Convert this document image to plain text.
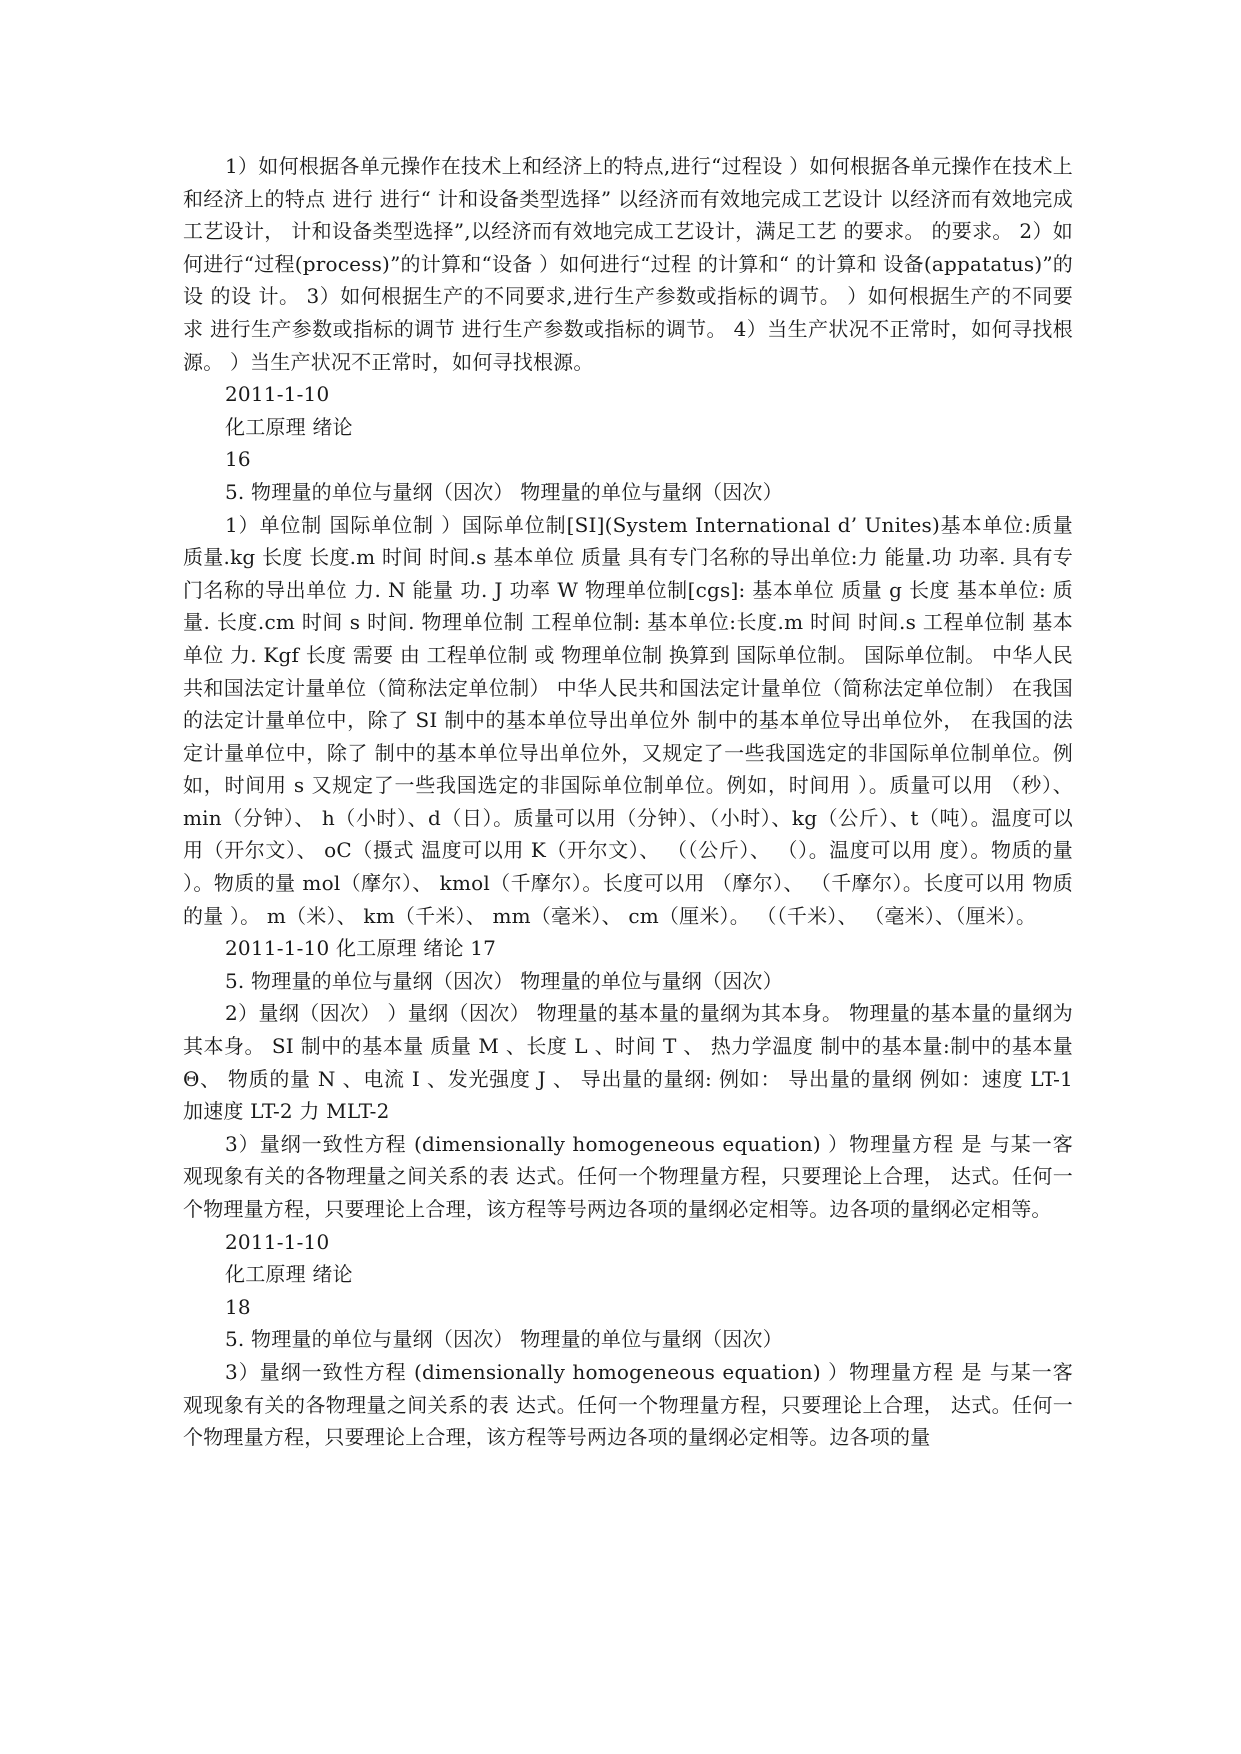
1）如何根据各单元操作在技术上和经济上的特点,进行“过程设 ）如何根据各单元操作在技术上和经济上的特点 进行 进行“ 计和设备类型选择” 以经济而有效地完成工艺设计 以经济而有效地完成工艺设计， 计和设备类型选择”,以经济而有效地完成工艺设计，满足工艺 的要求。 的要求。 2）如何进行“过程(process)”的计算和“设备 ）如何进行“过程 的计算和“ 的计算和 设备(appatatus)”的设 的设 计。 3）如何根据生产的不同要求,进行生产参数或指标的调节。 ）如何根据生产的不同要求 进行生产参数或指标的调节 进行生产参数或指标的调节。 4）当生产状况不正常时，如何寻找根源。 ）当生产状况不正常时，如何寻找根源。

2011-1-10

化工原理 绪论

16

5. 物理量的单位与量纲（因次） 物理量的单位与量纲（因次）

1）单位制 国际单位制 ）国际单位制[SI](System International d’ Unites)基本单位:质量 质量.kg 长度 长度.m 时间 时间.s 基本单位 质量 具有专门名称的导出单位:力 能量.功 功率. 具有专门名称的导出单位 力. N 能量 功. J 功率 W 物理单位制[cgs]: 基本单位 质量 g 长度 基本单位: 质量. 长度.cm 时间 s 时间. 物理单位制 工程单位制: 基本单位:长度.m 时间 时间.s 工程单位制 基本单位 力. Kgf 长度 需要 由 工程单位制 或 物理单位制 换算到 国际单位制。 国际单位制。 中华人民共和国法定计量单位（简称法定单位制） 中华人民共和国法定计量单位（简称法定单位制） 在我国的法定计量单位中，除了 SI 制中的基本单位导出单位外 制中的基本单位导出单位外， 在我国的法定计量单位中，除了 制中的基本单位导出单位外，又规定了一些我国选定的非国际单位制单位。例如，时间用 s 又规定了一些我国选定的非国际单位制单位。例如，时间用 ）。质量可以用 （秒）、 min（分钟）、 h（小时）、d（日）。质量可以用（分钟）、（小时）、kg（公斤）、t（吨）。温度可以用（开尔文）、 oC（摄式 温度可以用 K（开尔文）、 （（公斤）、 （）。温度可以用 度）。物质的量 ）。物质的量 mol（摩尔）、 kmol（千摩尔）。长度可以用 （摩尔）、 （千摩尔）。长度可以用 物质的量 ）。 m（米）、 km（千米）、 mm（毫米）、 cm（厘米）。 （（千米）、 （毫米）、（厘米）。

2011-1-10 化工原理 绪论 17

5. 物理量的单位与量纲（因次） 物理量的单位与量纲（因次）

2）量纲（因次） ）量纲（因次） 物理量的基本量的量纲为其本身。 物理量的基本量的量纲为其本身。 SI 制中的基本量 质量 M 、长度 L 、时间 T 、 热力学温度 制中的基本量:制中的基本量 Θ、 物质的量 N 、电流 I 、发光强度 J 、 导出量的量纲: 例如： 导出量的量纲 例如：速度 LT-1 加速度 LT-2 力 MLT-2

3）量纲一致性方程 (dimensionally homogeneous equation) ）物理量方程 是 与某一客观现象有关的各物理量之间关系的表 达式。任何一个物理量方程，只要理论上合理， 达式。任何一个物理量方程，只要理论上合理，该方程等号两边各项的量纲必定相等。边各项的量纲必定相等。

2011-1-10

化工原理 绪论

18

5. 物理量的单位与量纲（因次） 物理量的单位与量纲（因次）

3）量纲一致性方程 (dimensionally homogeneous equation) ）物理量方程 是 与某一客观现象有关的各物理量之间关系的表 达式。任何一个物理量方程，只要理论上合理， 达式。任何一个物理量方程，只要理论上合理，该方程等号两边各项的量纲必定相等。边各项的量
